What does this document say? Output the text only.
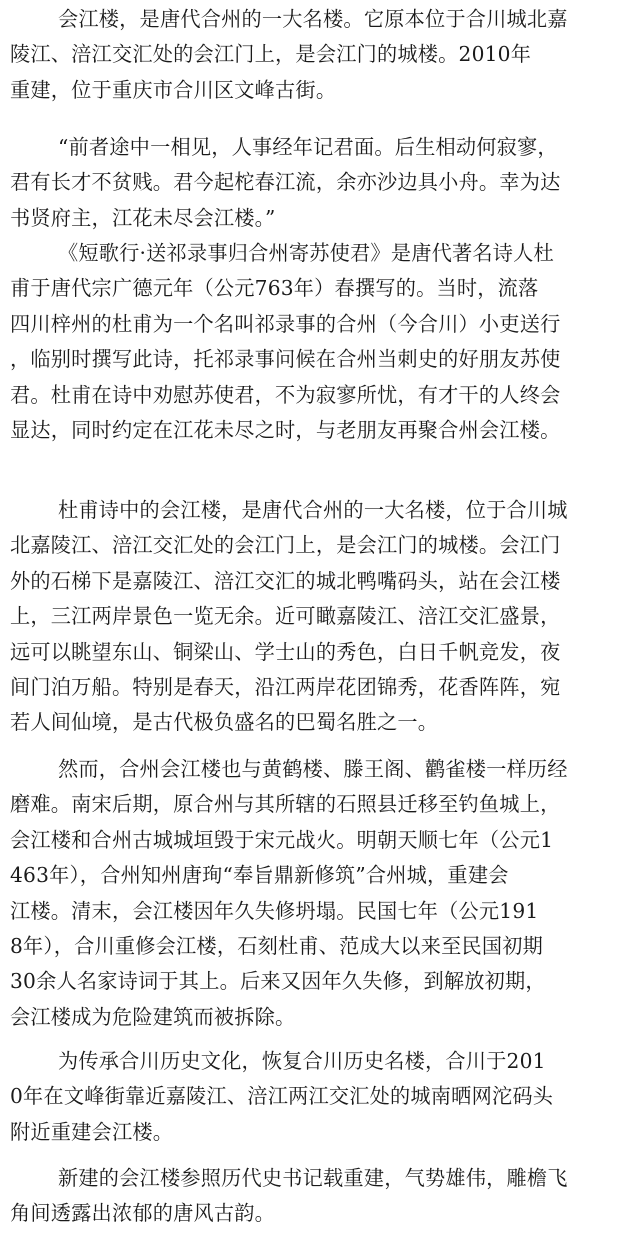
会江楼，是唐代合州的一大名楼。它原本位于合川城北嘉
陵江、涪江交汇处的会江门上，是会江门的城楼。2010年
重建，位于重庆市合川区文峰古街。

“前者途中一相见，人事经年记君面。后生相动何寂寥，
君有长才不贫贱。君今起柁春江流，余亦沙边具小舟。幸为达
书贤府主，江花未尽会江楼。”

《短歌行·送祁录事归合州寄苏使君》是唐代著名诗人杜
甫于唐代宗广德元年（公元763年）春撰写的。当时，流落
四川梓州的杜甫为一个名叫祁录事的合州（今合川）小吏送行
，临别时撰写此诗，托祁录事问候在合州当刺史的好朋友苏使
君。杜甫在诗中劝慰苏使君，不为寂寥所忧，有才干的人终会
显达，同时约定在江花未尽之时，与老朋友再聚合州会江楼。

杜甫诗中的会江楼，是唐代合州的一大名楼，位于合川城
北嘉陵江、涪江交汇处的会江门上，是会江门的城楼。会江门
外的石梯下是嘉陵江、涪江交汇的城北鸭嘴码头，站在会江楼
上，三江两岸景色一览无余。近可瞰嘉陵江、涪江交汇盛景，
远可以眺望东山、铜梁山、学士山的秀色，白日千帆竞发，夜
间门泊万船。特别是春天，沿江两岸花团锦秀，花香阵阵，宛
若人间仙境，是古代极负盛名的巴蜀名胜之一。

然而，合州会江楼也与黄鹤楼、滕王阁、鹳雀楼一样历经
磨难。南宋后期，原合州与其所辖的石照县迁移至钓鱼城上，
会江楼和合州古城城垣毁于宋元战火。明朝天顺七年（公元1
463年），合州知州唐珣“奉旨鼎新修筑”合州城，重建会
江楼。清末，会江楼因年久失修坍塌。民国七年（公元191
8年），合川重修会江楼，石刻杜甫、范成大以来至民国初期
30余人名家诗词于其上。后来又因年久失修，到解放初期，
会江楼成为危险建筑而被拆除。

为传承合川历史文化，恢复合川历史名楼，合川于201
0年在文峰街靠近嘉陵江、涪江两江交汇处的城南晒网沱码头
附近重建会江楼。

新建的会江楼参照历代史书记载重建，气势雄伟，雕檐飞
角间透露出浓郁的唐风古韵。
